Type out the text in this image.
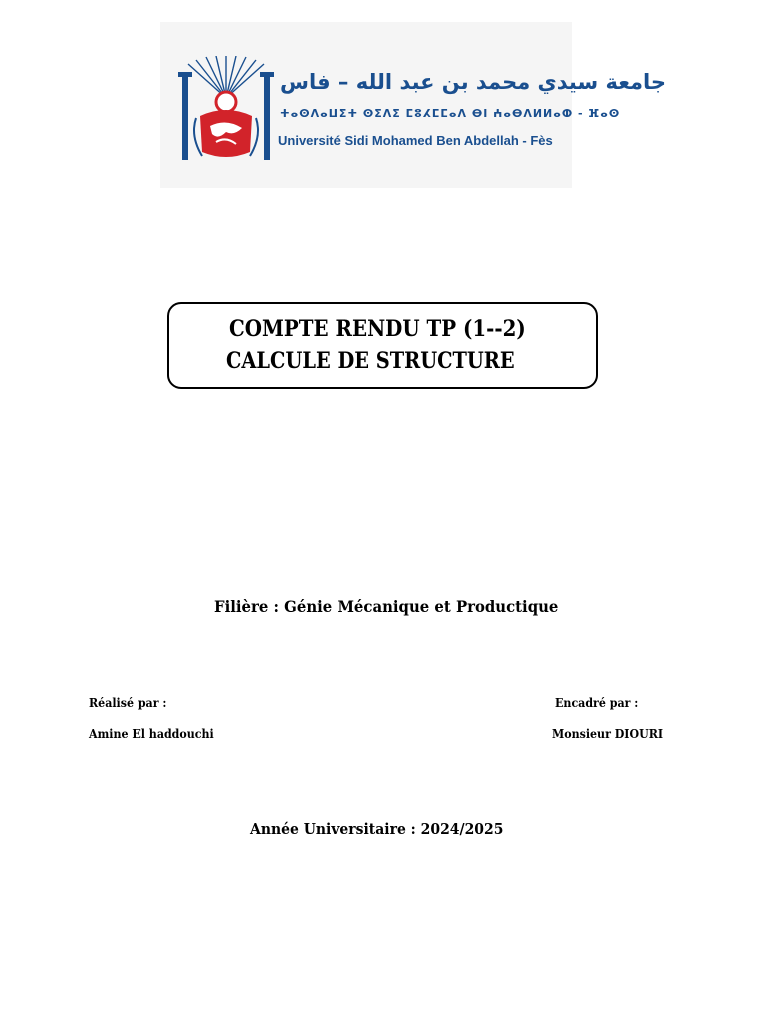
جامعة سيدي محمد بن عبد الله – فاس
ⵜⴰⵙⴷⴰⵡⵉⵜ ⵙⵉⴷⵉ ⵎⵓⵃⵎⵎⴰⴷ ⴱⵏ ⵄⴰⴱⴷⵍⵍⴰⵀ - ⴼⴰⵙ
Université Sidi Mohamed Ben Abdellah - Fès
COMPTE RENDU TP (1--2)
CALCULE DE STRUCTURE
Filière : Génie Mécanique et Productique
Réalisé par :
Amine El haddouchi
Encadré par :
Monsieur DIOURI
Année Universitaire : 2024/2025
